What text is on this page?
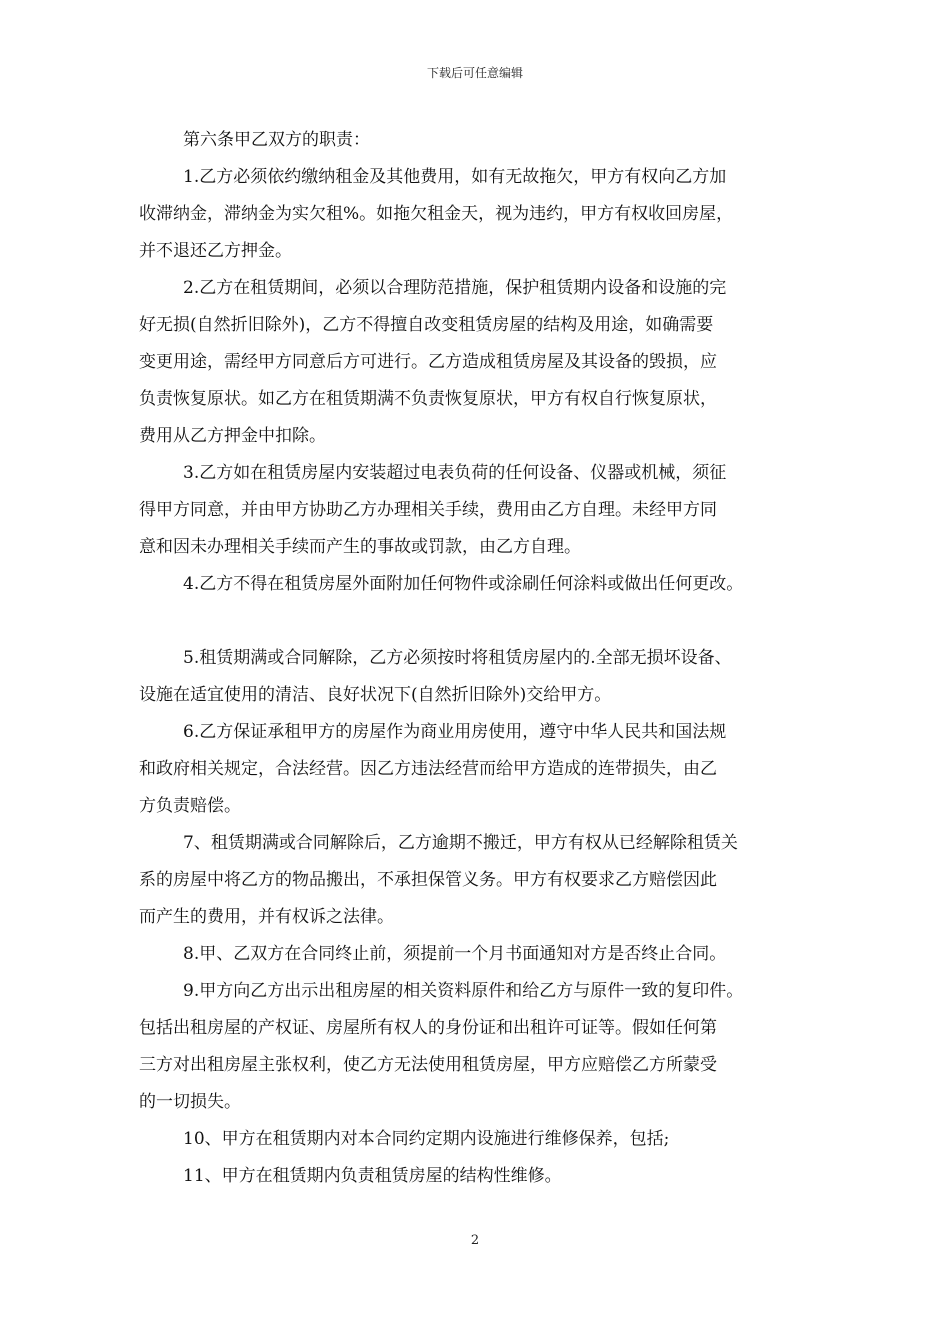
下载后可任意编辑

第六条甲乙双方的职责：

1.乙方必须依约缴纳租金及其他费用，如有无故拖欠，甲方有权向乙方加
收滞纳金，滞纳金为实欠租%。如拖欠租金天，视为违约，甲方有权收回房屋，
并不退还乙方押金。

2.乙方在租赁期间，必须以合理防范措施，保护租赁期内设备和设施的完
好无损(自然折旧除外)，乙方不得擅自改变租赁房屋的结构及用途，如确需要
变更用途，需经甲方同意后方可进行。乙方造成租赁房屋及其设备的毁损，应
负责恢复原状。如乙方在租赁期满不负责恢复原状，甲方有权自行恢复原状，
费用从乙方押金中扣除。

3.乙方如在租赁房屋内安装超过电表负荷的任何设备、仪器或机械，须征
得甲方同意，并由甲方协助乙方办理相关手续，费用由乙方自理。未经甲方同
意和因未办理相关手续而产生的事故或罚款，由乙方自理。

4.乙方不得在租赁房屋外面附加任何物件或涂刷任何涂料或做出任何更改。

5.租赁期满或合同解除，乙方必须按时将租赁房屋内的.全部无损坏设备、
设施在适宜使用的清洁、良好状况下(自然折旧除外)交给甲方。

6.乙方保证承租甲方的房屋作为商业用房使用，遵守中华人民共和国法规
和政府相关规定，合法经营。因乙方违法经营而给甲方造成的连带损失，由乙
方负责赔偿。

7、租赁期满或合同解除后，乙方逾期不搬迁，甲方有权从已经解除租赁关
系的房屋中将乙方的物品搬出，不承担保管义务。甲方有权要求乙方赔偿因此
而产生的费用，并有权诉之法律。

8.甲、乙双方在合同终止前，须提前一个月书面通知对方是否终止合同。

9.甲方向乙方出示出租房屋的相关资料原件和给乙方与原件一致的复印件。
包括出租房屋的产权证、房屋所有权人的身份证和出租许可证等。假如任何第
三方对出租房屋主张权利，使乙方无法使用租赁房屋，甲方应赔偿乙方所蒙受
的一切损失。

10、甲方在租赁期内对本合同约定期内设施进行维修保养，包括;

11、甲方在租赁期内负责租赁房屋的结构性维修。

2
